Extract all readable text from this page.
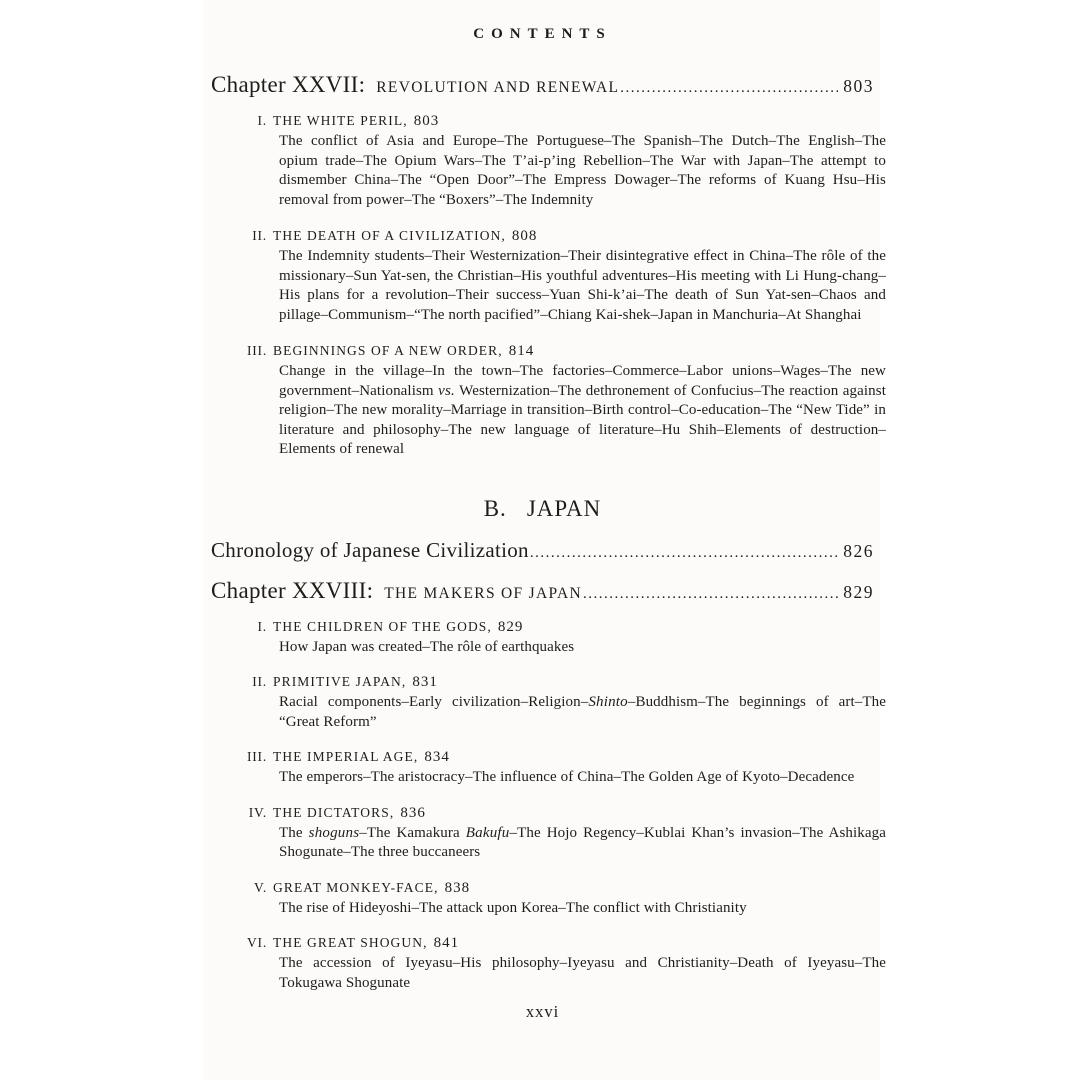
CONTENTS
Chapter XXVII: REVOLUTION AND RENEWAL .....	803
I. THE WHITE PERIL, 803
The conflict of Asia and Europe–The Portuguese–The Spanish–The Dutch–The English–The opium trade–The Opium Wars–The T’ai-p’ing Rebellion–The War with Japan–The attempt to dismember China–The “Open Door”–The Empress Dowager–The reforms of Kuang Hsu–His removal from power–The “Boxers”–The Indemnity
II. THE DEATH OF A CIVILIZATION, 808
The Indemnity students–Their Westernization–Their disintegrative effect in China–The rôle of the missionary–Sun Yat-sen, the Christian–His youthful adventures–His meeting with Li Hung-chang–His plans for a revolution–Their success–Yuan Shi-k’ai–The death of Sun Yat-sen–Chaos and pillage–Communism–“The north pacified”–Chiang Kai-shek–Japan in Manchuria–At Shanghai
III. BEGINNINGS OF A NEW ORDER, 814
Change in the village–In the town–The factories–Commerce–Labor unions–Wages–The new government–Nationalism vs. Westernization–The dethronement of Confucius–The reaction against religion–The new morality–Marriage in transition–Birth control–Co-education–The “New Tide” in literature and philosophy–The new language of literature–Hu Shih–Elements of destruction–Elements of renewal
B. JAPAN
Chronology of Japanese Civilization .....	826
Chapter XXVIII: THE MAKERS OF JAPAN .....	829
I. THE CHILDREN OF THE GODS, 829
How Japan was created–The rôle of earthquakes
II. PRIMITIVE JAPAN, 831
Racial components–Early civilization–Religion–Shinto–Buddhism–The beginnings of art–The “Great Reform”
III. THE IMPERIAL AGE, 834
The emperors–The aristocracy–The influence of China–The Golden Age of Kyoto–Decadence
IV. THE DICTATORS, 836
The shoguns–The Kamakura Bakufu–The Hojo Regency–Kublai Khan’s invasion–The Ashikaga Shogunate–The three buccaneers
V. GREAT MONKEY-FACE, 838
The rise of Hideyoshi–The attack upon Korea–The conflict with Christianity
VI. THE GREAT SHOGUN, 841
The accession of Iyeyasu–His philosophy–Iyeyasu and Christianity–Death of Iyeyasu–The Tokugawa Shogunate
xxvi
